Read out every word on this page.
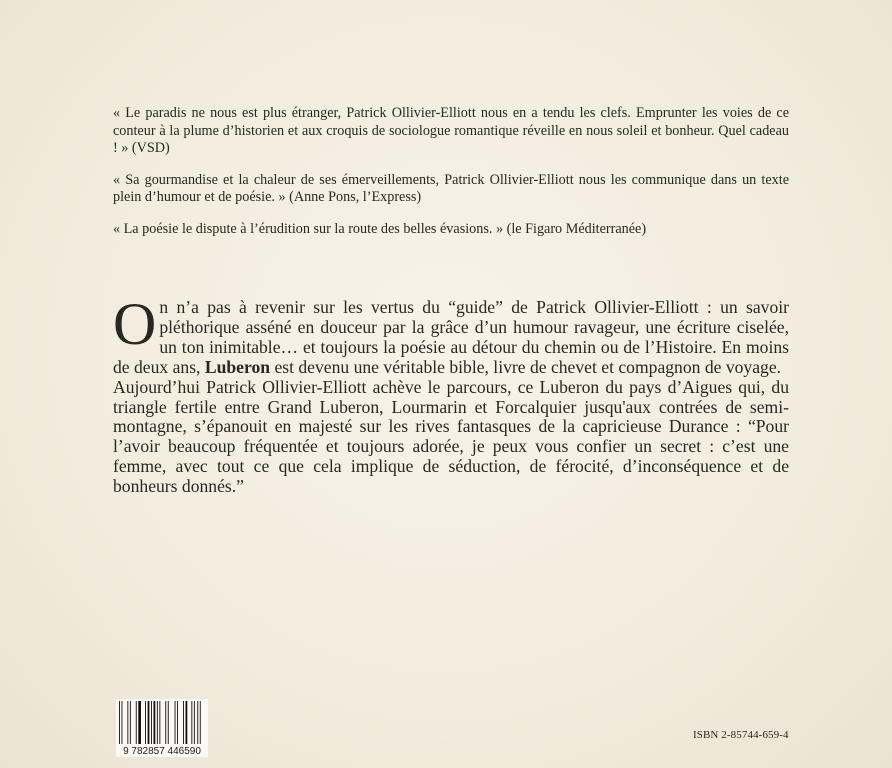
« Le paradis ne nous est plus étranger, Patrick Ollivier-Elliott nous en a tendu les clefs. Emprunter les voies de ce conteur à la plume d’historien et aux croquis de sociologue romantique réveille en nous soleil et bonheur. Quel cadeau ! » (VSD)

« Sa gourmandise et la chaleur de ses émerveillements, Patrick Ollivier-Elliott nous les communique dans un texte plein d’humour et de poésie. » (Anne Pons, l’Express)

« La poésie le dispute à l’érudition sur la route des belles évasions. » (le Figaro Méditerranée)

On n’a pas à revenir sur les vertus du “guide” de Patrick Ollivier-Elliott : un savoir pléthorique asséné en douceur par la grâce d’un humour ravageur, une écriture ciselée, un ton inimitable… et toujours la poésie au détour du chemin ou de l’Histoire. En moins de deux ans, Luberon est devenu une véritable bible, livre de chevet et compagnon de voyage.

Aujourd’hui Patrick Ollivier-Elliott achève le parcours, ce Luberon du pays d’Aigues qui, du triangle fertile entre Grand Luberon, Lourmarin et Forcalquier jusqu'aux contrées de semi-montagne, s’épanouit en majesté sur les rives fantasques de la capricieuse Durance : “Pour l’avoir beaucoup fréquentée et toujours adorée, je peux vous confier un secret : c’est une femme, avec tout ce que cela implique de séduction, de férocité, d’inconséquence et de bonheurs donnés.”

9 782857 446590
ISBN 2-85744-659-4
